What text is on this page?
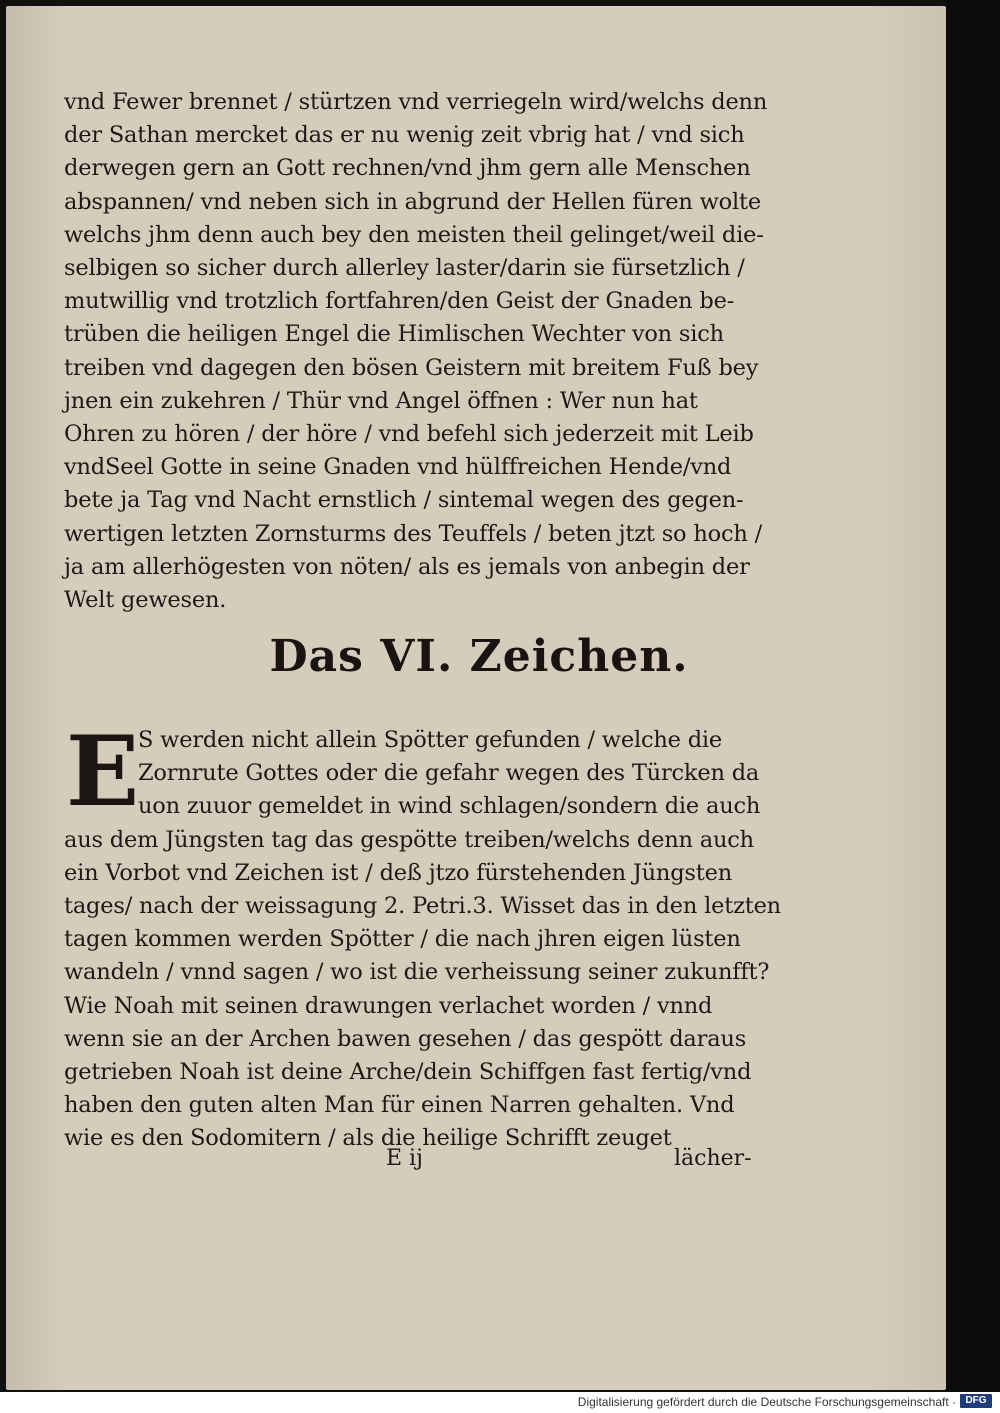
vnd Fewer brennet / stürtzen vnd verriegeln wird/welchs denn
der Sathan mercket das er nu wenig zeit vbrig hat / vnd sich
derwegen gern an Gott rechnen/vnd jhm gern alle Menschen
abspannen/ vnd neben sich in abgrund der Hellen füren wolte
welchs jhm denn auch bey den meisten theil gelinget/weil die-
selbigen so sicher durch allerley laster/darin sie fürsetzlich /
mutwillig vnd trotzlich fortfahren/den Geist der Gnaden be-
trüben die heiligen Engel die Himlischen Wechter von sich
treiben vnd dagegen den bösen Geistern mit breitem Fuß bey
jnen ein zukehren / Thür vnd Angel öffnen : Wer nun hat
Ohren zu hören / der höre / vnd befehl sich jederzeit mit Leib
vndSeel Gotte in seine Gnaden vnd hülffreichen Hende/vnd
bete ja Tag vnd Nacht ernstlich / sintemal wegen des gegen-
wertigen letzten Zornsturms des Teuffels / beten jtzt so hoch /
ja am allerhögesten von nöten/ als es jemals von anbegin der
Welt gewesen.
Das VI. Zeichen.
E
S werden nicht allein Spötter gefunden / welche die
Zornrute Gottes oder die gefahr wegen des Türcken da
uon zuuor gemeldet in wind schlagen/sondern die auch
aus dem Jüngsten tag das gespötte treiben/welchs denn auch
ein Vorbot vnd Zeichen ist / deß jtzo fürstehenden Jüngsten
tages/ nach der weissagung 2. Petri.3. Wisset das in den letzten
tagen kommen werden Spötter / die nach jhren eigen lüsten
wandeln / vnnd sagen / wo ist die verheissung seiner zukunfft?
Wie Noah mit seinen drawungen verlachet worden / vnnd
wenn sie an der Archen bawen gesehen / das gespött daraus
getrieben Noah ist deine Arche/dein Schiffgen fast fertig/vnd
haben den guten alten Man für einen Narren gehalten. Vnd
wie es den Sodomitern / als die heilige Schrifft zeuget
E ij	lächer-
Digitalisierung gefördert durch die Deutsche Forschungsgemeinschaft · DFG
